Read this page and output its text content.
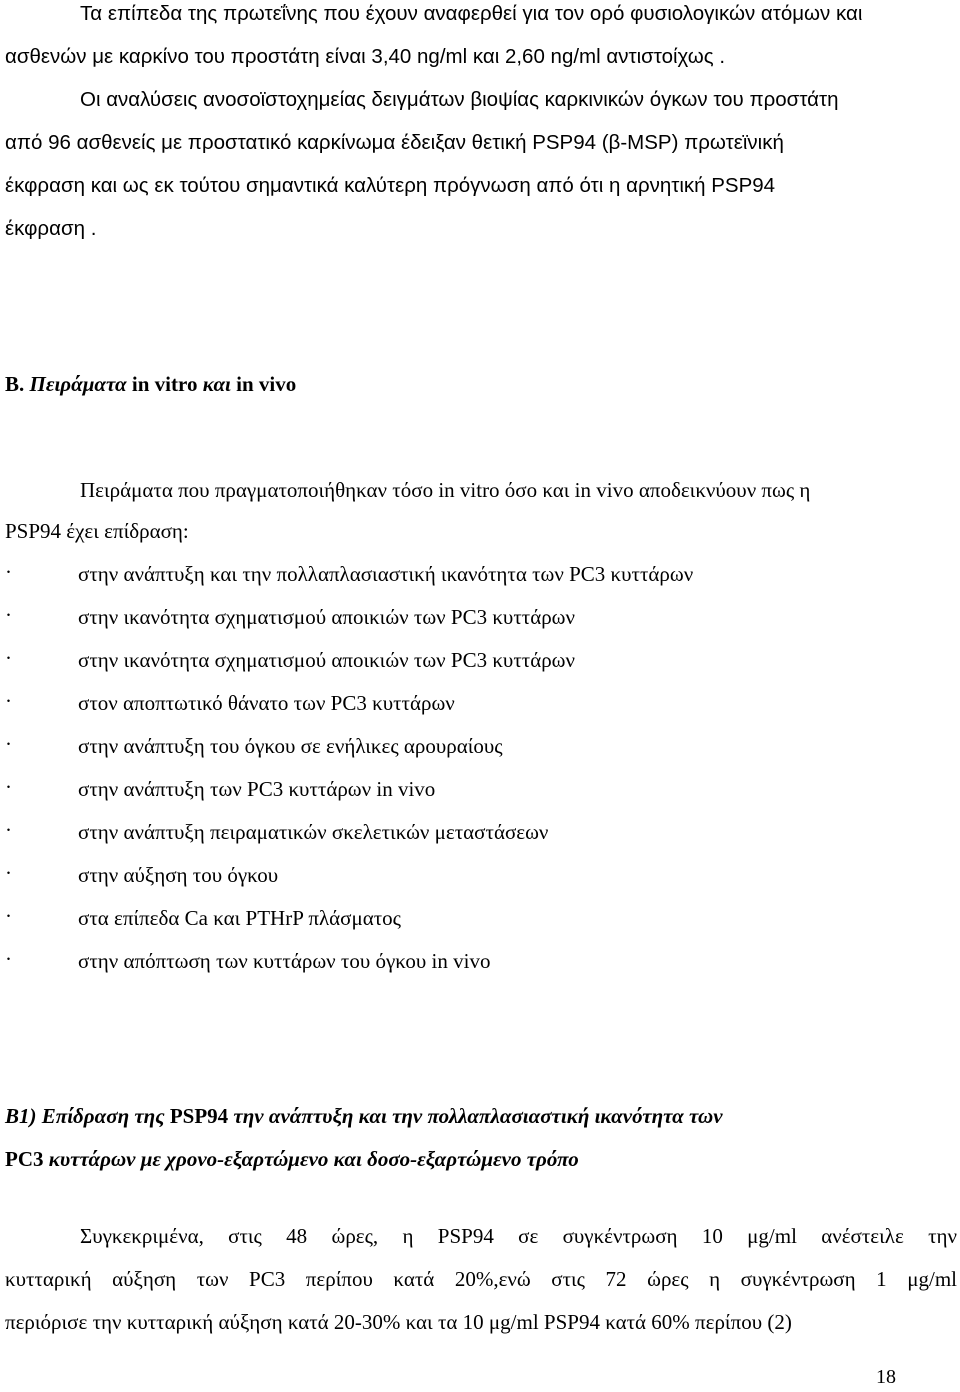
Τα επίπεδα της πρωτεΐνης που έχουν αναφερθεί για τον ορό φυσιολογικών ατόμων και
ασθενών με καρκίνο του προστάτη είναι 3,40 ng/ml και 2,60 ng/ml αντιστοίχως .
Οι αναλύσεις ανοσοϊστοχημείας δειγμάτων βιοψίας καρκινικών όγκων του προστάτη
από 96 ασθενείς με προστατικό καρκίνωμα έδειξαν θετική PSP94 (β-MSP) πρωτεϊνική
έκφραση και ως εκ τούτου σημαντικά καλύτερη πρόγνωση από ότι η αρνητική PSP94
έκφραση .
B. Πειράματα in vitro και in vivo
Πειράματα που πραγματοποιήθηκαν τόσο in vitro όσο και in vivo αποδεικνύουν πως η
PSP94 έχει επίδραση:
·	στην ανάπτυξη και την πολλαπλασιαστική ικανότητα των PC3 κυττάρων
·	στην ικανότητα σχηματισμού αποικιών των PC3 κυττάρων
·	στην ικανότητα σχηματισμού αποικιών των PC3 κυττάρων
·	στον αποπτωτικό θάνατο των PC3 κυττάρων
·	στην ανάπτυξη του όγκου σε ενήλικες αρουραίους
·	στην ανάπτυξη των PC3 κυττάρων in vivo
·	στην ανάπτυξη πειραματικών σκελετικών μεταστάσεων
·	στην αύξηση του όγκου
·	στα επίπεδα Ca και PTHrP πλάσματος
·	στην απόπτωση των κυττάρων του όγκου in vivo
Β1) Επίδραση της PSP94 την ανάπτυξη και την πολλαπλασιαστική ικανότητα των
PC3 κυττάρων με χρονο-εξαρτώμενο και δοσο-εξαρτώμενο τρόπο
Συγκεκριμένα, στις 48 ώρες, η PSP94 σε συγκέντρωση 10 μg/ml ανέστειλε την
κυτταρική αύξηση των PC3 περίπου κατά 20%,ενώ στις 72 ώρες η συγκέντρωση 1 μg/ml
περιόρισε την κυτταρική αύξηση κατά 20-30% και τα 10 μg/ml PSP94 κατά 60% περίπου (2)
18
